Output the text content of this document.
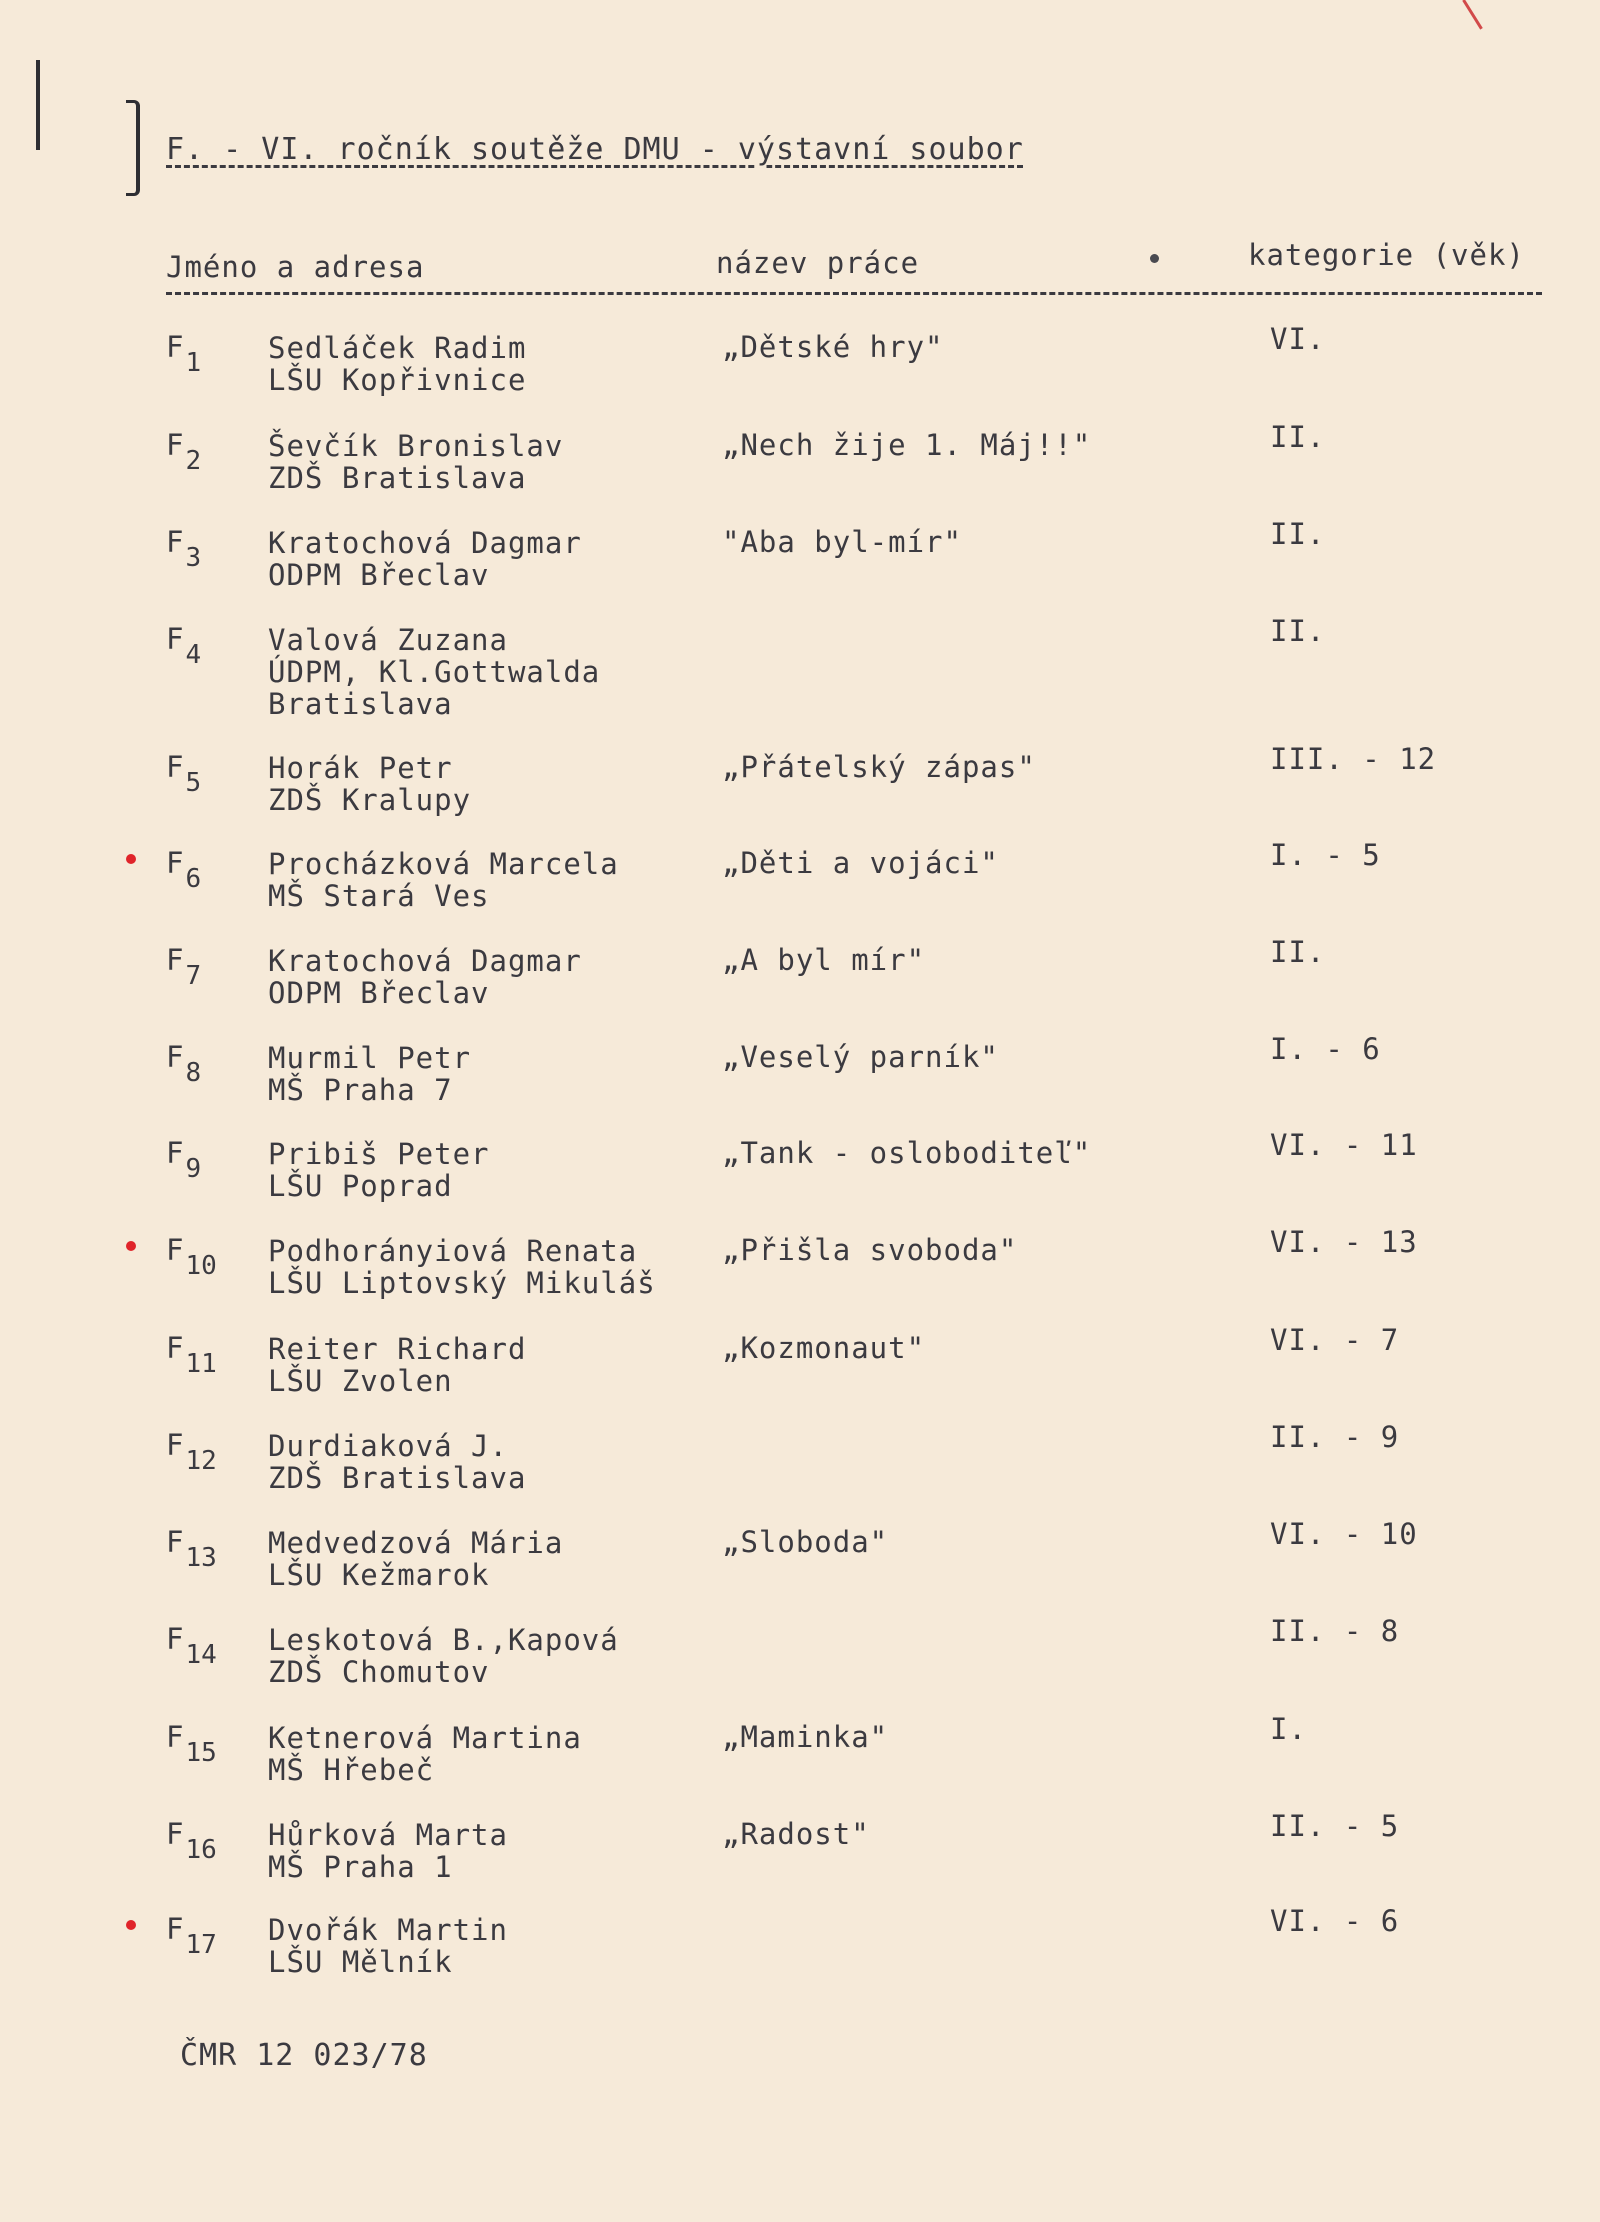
F. - VI. ročník soutěže DMU - výstavní soubor
Jméno a adresa	název práce	kategorie (věk)
F1 Sedláček Radim
LŠU Kopřivnice
„Dětské hry"	VI.
F2 Ševčík Bronislav
ZDŠ Bratislava
„Nech žije 1. Máj!!"	II.
F3 Kratochová Dagmar
ODPM Břeclav
"Aba byl-mír"	II.
F4 Valová Zuzana
ÚDPM, Kl.Gottwalda
Bratislava
II.
F5 Horák Petr
ZDŠ Kralupy
„Přátelský zápas"	III. - 12
F6 Procházková Marcela
MŠ Stará Ves
„Děti a vojáci"	I. - 5
F7 Kratochová Dagmar
ODPM Břeclav
„A byl mír"	II.
F8 Murmil Petr
MŠ Praha 7
„Veselý parník"	I. - 6
F9 Pribiš Peter
LŠU Poprad
„Tank - osloboditeľ"	VI. - 11
F10 Podhorányiová Renata
LŠU Liptovský Mikuláš
„Přišla svoboda"	VI. - 13
F11 Reiter Richard
LŠU Zvolen
„Kozmonaut"	VI. - 7
F12 Durdiaková J.
ZDŠ Bratislava
II. - 9
F13 Medvedzová Mária
LŠU Kežmarok
„Sloboda"	VI. - 10
F14 Leskotová B.,Kapová
ZDŠ Chomutov
II. - 8
F15 Ketnerová Martina
MŠ Hřebeč
„Maminka"	I.
F16 Hůrková Marta
MŠ Praha 1
„Radost"	II. - 5
F17 Dvořák Martin
LŠU Mělník
VI. - 6
ČMR 12 023/78
